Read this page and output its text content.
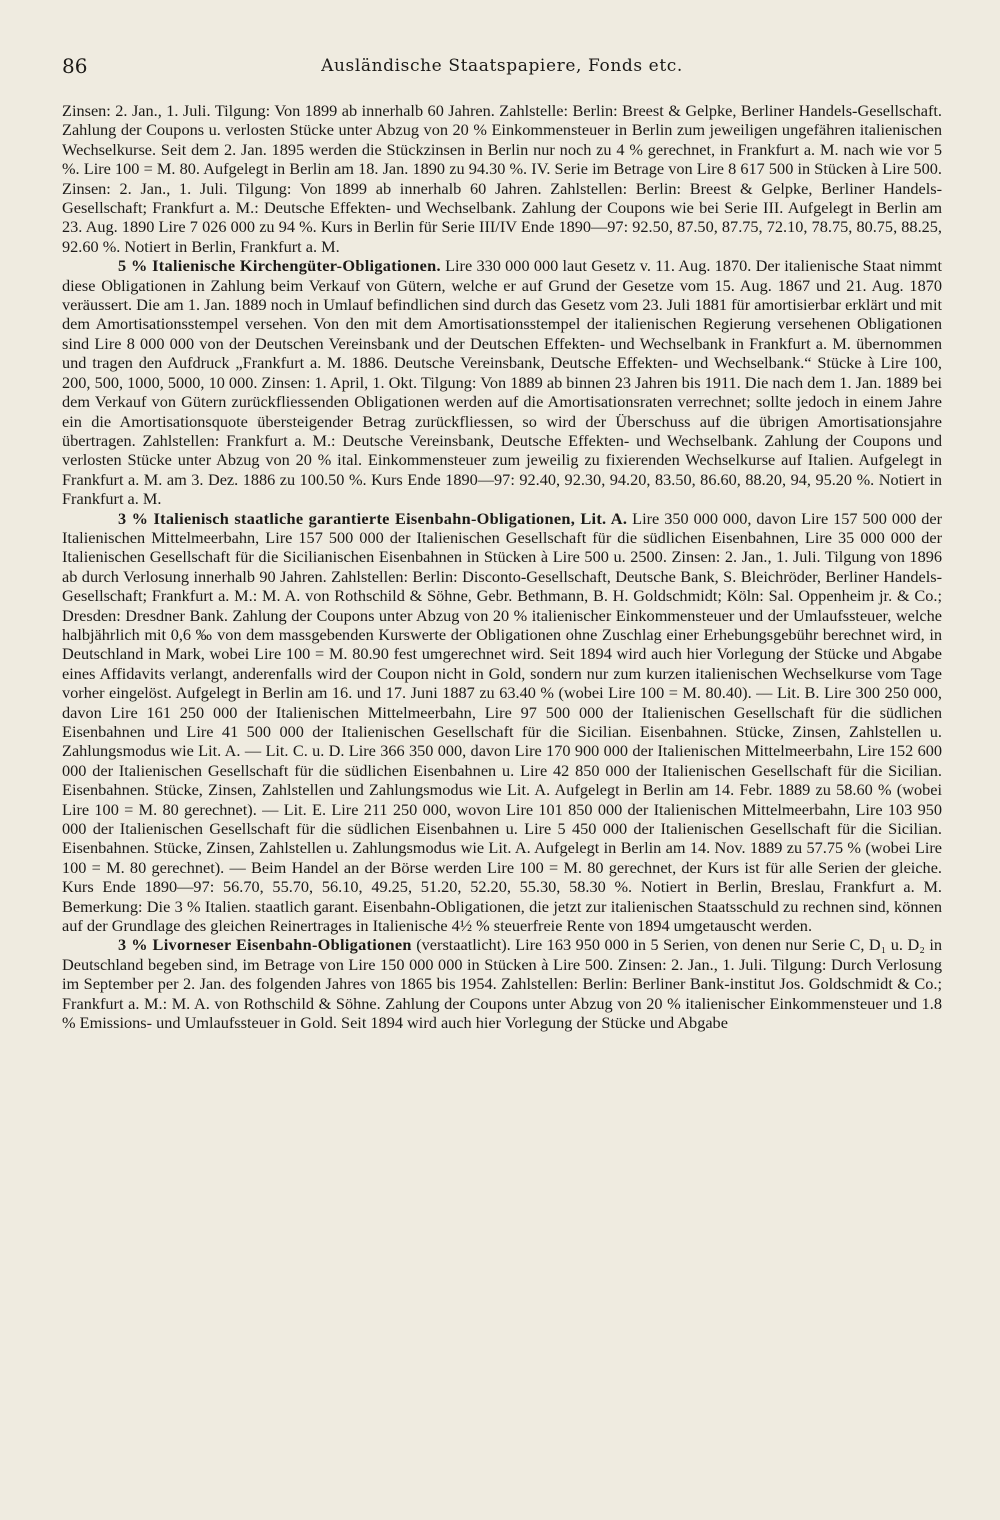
86	Ausländische Staatspapiere, Fonds etc.

Zinsen: 2. Jan., 1. Juli. Tilgung: Von 1899 ab innerhalb 60 Jahren. Zahlstelle: Berlin: Breest & Gelpke, Berliner Handels-Gesellschaft. Zahlung der Coupons u. verlosten Stücke unter Abzug von 20 % Einkommensteuer in Berlin zum jeweiligen ungefähren italienischen Wechselkurse. Seit dem 2. Jan. 1895 werden die Stückzinsen in Berlin nur noch zu 4 % gerechnet, in Frankfurt a. M. nach wie vor 5 %. Lire 100 = M. 80. Aufgelegt in Berlin am 18. Jan. 1890 zu 94.30 %. IV. Serie im Betrage von Lire 8 617 500 in Stücken à Lire 500. Zinsen: 2. Jan., 1. Juli. Tilgung: Von 1899 ab innerhalb 60 Jahren. Zahlstellen: Berlin: Breest & Gelpke, Berliner Handels-Gesellschaft; Frankfurt a. M.: Deutsche Effekten- und Wechselbank. Zahlung der Coupons wie bei Serie III. Aufgelegt in Berlin am 23. Aug. 1890 Lire 7 026 000 zu 94 %. Kurs in Berlin für Serie III/IV Ende 1890—97: 92.50, 87.50, 87.75, 72.10, 78.75, 80.75, 88.25, 92.60 %. Notiert in Berlin, Frankfurt a. M.

5 % Italienische Kirchengüter-Obligationen. Lire 330 000 000 laut Gesetz v. 11. Aug. 1870. Der italienische Staat nimmt diese Obligationen in Zahlung beim Verkauf von Gütern, welche er auf Grund der Gesetze vom 15. Aug. 1867 und 21. Aug. 1870 veräussert. Die am 1. Jan. 1889 noch in Umlauf befindlichen sind durch das Gesetz vom 23. Juli 1881 für amortisierbar erklärt und mit dem Amortisationsstempel versehen. Von den mit dem Amortisationsstempel der italienischen Regierung versehenen Obligationen sind Lire 8 000 000 von der Deutschen Vereinsbank und der Deutschen Effekten- und Wechselbank in Frankfurt a. M. übernommen und tragen den Aufdruck „Frankfurt a. M. 1886. Deutsche Vereinsbank, Deutsche Effekten- und Wechselbank.“ Stücke à Lire 100, 200, 500, 1000, 5000, 10 000. Zinsen: 1. April, 1. Okt. Tilgung: Von 1889 ab binnen 23 Jahren bis 1911. Die nach dem 1. Jan. 1889 bei dem Verkauf von Gütern zurückfliessenden Obligationen werden auf die Amortisationsraten verrechnet; sollte jedoch in einem Jahre ein die Amortisationsquote übersteigender Betrag zurückfliessen, so wird der Überschuss auf die übrigen Amortisationsjahre übertragen. Zahlstellen: Frankfurt a. M.: Deutsche Vereinsbank, Deutsche Effekten- und Wechselbank. Zahlung der Coupons und verlosten Stücke unter Abzug von 20 % ital. Einkommensteuer zum jeweilig zu fixierenden Wechselkurse auf Italien. Aufgelegt in Frankfurt a. M. am 3. Dez. 1886 zu 100.50 %. Kurs Ende 1890—97: 92.40, 92.30, 94.20, 83.50, 86.60, 88.20, 94, 95.20 %. Notiert in Frankfurt a. M.

3 % Italienisch staatliche garantierte Eisenbahn-Obligationen, Lit. A. Lire 350 000 000, davon Lire 157 500 000 der Italienischen Mittelmeerbahn, Lire 157 500 000 der Italienischen Gesellschaft für die südlichen Eisenbahnen, Lire 35 000 000 der Italienischen Gesellschaft für die Sicilianischen Eisenbahnen in Stücken à Lire 500 u. 2500. Zinsen: 2. Jan., 1. Juli. Tilgung von 1896 ab durch Verlosung innerhalb 90 Jahren. Zahlstellen: Berlin: Disconto-Gesellschaft, Deutsche Bank, S. Bleichröder, Berliner Handels-Gesellschaft; Frankfurt a. M.: M. A. von Rothschild & Söhne, Gebr. Bethmann, B. H. Goldschmidt; Köln: Sal. Oppenheim jr. & Co.; Dresden: Dresdner Bank. Zahlung der Coupons unter Abzug von 20 % italienischer Einkommensteuer und der Umlaufssteuer, welche halbjährlich mit 0,6 ‰ von dem massgebenden Kurswerte der Obligationen ohne Zuschlag einer Erhebungsgebühr berechnet wird, in Deutschland in Mark, wobei Lire 100 = M. 80.90 fest umgerechnet wird. Seit 1894 wird auch hier Vorlegung der Stücke und Abgabe eines Affidavits verlangt, anderenfalls wird der Coupon nicht in Gold, sondern nur zum kurzen italienischen Wechselkurse vom Tage vorher eingelöst. Aufgelegt in Berlin am 16. und 17. Juni 1887 zu 63.40 % (wobei Lire 100 = M. 80.40). — Lit. B. Lire 300 250 000, davon Lire 161 250 000 der Italienischen Mittelmeerbahn, Lire 97 500 000 der Italienischen Gesellschaft für die südlichen Eisenbahnen und Lire 41 500 000 der Italienischen Gesellschaft für die Sicilian. Eisenbahnen. Stücke, Zinsen, Zahlstellen u. Zahlungsmodus wie Lit. A. — Lit. C. u. D. Lire 366 350 000, davon Lire 170 900 000 der Italienischen Mittelmeerbahn, Lire 152 600 000 der Italienischen Gesellschaft für die südlichen Eisenbahnen u. Lire 42 850 000 der Italienischen Gesellschaft für die Sicilian. Eisenbahnen. Stücke, Zinsen, Zahlstellen und Zahlungsmodus wie Lit. A. Aufgelegt in Berlin am 14. Febr. 1889 zu 58.60 % (wobei Lire 100 = M. 80 gerechnet). — Lit. E. Lire 211 250 000, wovon Lire 101 850 000 der Italienischen Mittelmeerbahn, Lire 103 950 000 der Italienischen Gesellschaft für die südlichen Eisenbahnen u. Lire 5 450 000 der Italienischen Gesellschaft für die Sicilian. Eisenbahnen. Stücke, Zinsen, Zahlstellen u. Zahlungsmodus wie Lit. A. Aufgelegt in Berlin am 14. Nov. 1889 zu 57.75 % (wobei Lire 100 = M. 80 gerechnet). — Beim Handel an der Börse werden Lire 100 = M. 80 gerechnet, der Kurs ist für alle Serien der gleiche. Kurs Ende 1890—97: 56.70, 55.70, 56.10, 49.25, 51.20, 52.20, 55.30, 58.30 %. Notiert in Berlin, Breslau, Frankfurt a. M. Bemerkung: Die 3 % Italien. staatlich garant. Eisenbahn-Obligationen, die jetzt zur italienischen Staatsschuld zu rechnen sind, können auf der Grundlage des gleichen Reinertrages in Italienische 4½ % steuerfreie Rente von 1894 umgetauscht werden.

3 % Livorneser Eisenbahn-Obligationen (verstaatlicht). Lire 163 950 000 in 5 Serien, von denen nur Serie C, D₁ u. D₂ in Deutschland begeben sind, im Betrage von Lire 150 000 000 in Stücken à Lire 500. Zinsen: 2. Jan., 1. Juli. Tilgung: Durch Verlosung im September per 2. Jan. des folgenden Jahres von 1865 bis 1954. Zahlstellen: Berlin: Berliner Bank-institut Jos. Goldschmidt & Co.; Frankfurt a. M.: M. A. von Rothschild & Söhne. Zahlung der Coupons unter Abzug von 20 % italienischer Einkommensteuer und 1.8 % Emissions- und Umlaufssteuer in Gold. Seit 1894 wird auch hier Vorlegung der Stücke und Abgabe
